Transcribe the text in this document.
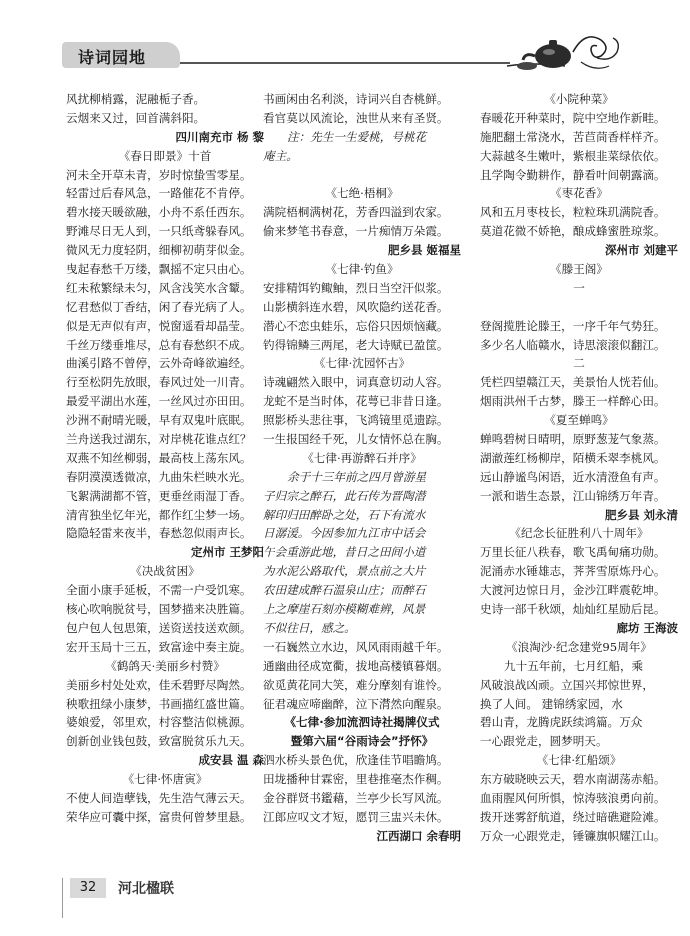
诗词园地
风扰柳梢露，泥融栀子香。
云烟来又过，回首满斜阳。
四川南充市 杨 黎
《春日即景》十首
河未全开草未青，岁时惊蛰雪零星。
轻雷过后春风急，一路催花不肯停。
碧水接天暖欲融，小舟不系任西东。
野滩尽日无人到，一只纸鸢躲春风。
微风无力度轻阴，细柳初萌芽似金。
曳起春愁千万缕，飘摇不定只由心。
红未秾繁绿未匀，风含浅笑水含颦。
忆君愁似丁香结，闲了春光病了人。
似是无声似有声，悦窗遥看却晶莹。
千丝万缕垂堆尽，总有春愁织不成。
曲溪引路不曾停，云外奇峰欲遍经。
行至松阴先放眼，春风过处一川青。
最爱平湖出水莲，一丝风过亦田田。
沙洲不耐晴光暖，早有双鬼叶底眠。
兰舟送我过湖东，对岸桃花谁点红？
双燕不知丝柳弱，最高枝上荡东风。
春阴漠漠透微凉，九曲朱栏映水光。
飞絮满湖都不管，更垂丝雨湿丁香。
清宵独坐忆年光，都作红尘梦一场。
隐隐轻雷来夜半，春愁忽似雨声长。
定州市 王梦阳
《决战贫困》
全面小康手延板，不需一户受饥寒。
核心吹响脱贫号，国梦描来决胜篇。
包户包人包思策，送资送技送欢颜。
宏开玉局十三五，致富途中奏主旋。
《鹤鸽天·美丽乡村赞》
美丽乡村处处欢，佳禾碧野尽陶然。
秧歌扭绿小康梦，书画描红盛世篇。
婆娘爱，邻里欢，村容整洁似桃源。
创新创业钱包鼓，致富脱贫乐九天。
成安县 温 森
《七律·怀唐寅》
不使人间造孽钱，先生浩气薄云天。
荣华应可囊中探，富贵何曾梦里悬。
书画闲由名利淡，诗词兴自杏桃鲜。
看官莫以风流论，浊世从来有圣贤。
注：先生一生爱桃，号桃花
庵主。
《七绝·梧桐》
满院梧桐满树花，芳香四溢到农家。
偷来梦笔书春意，一片痴情万朵霞。
肥乡县 姬福星
《七律·钓鱼》
安排精饵钓鲰鲉，烈日当空汗似浆。
山影横斜连水碧，风吹隐约送花香。
潜心不恋虫蛙乐，忘俗只因烦恼藏。
钓得锦鳞三两尾，老大诗赋已盈筐。
《七律·沈园怀古》
诗魂翩然入眼中，词真意切动人容。
龙蛇不是当时体，花萼已非昔日逢。
照影桥头悲往事，飞鸿镜里觅遗踪。
一生报国经千死，儿女情怀总在胸。
《七律·再游醉石并序》
余于十三年前之四月曾游星
子归宗之醉石，此石传为晋陶潜
解印归田醉卧之处，石下有流水
日潺湲。今因参加九江市中话会
午会重游此地，昔日之田间小道
为水泥公路取代，景点前之大片
农田建成醉石温泉山庄；而醉石
上之摩崖石刻亦模糊难辨，风景
不似往日，感之。
一石巍然立水边，风风雨雨越千年。
通幽曲径成宽衢，拔地高楼镇暮烟。
欲觅黄花同大笑，难分摩刻有谁怜。
征君魂应啼幽醉，泣下潸然向醒泉。
《七律·参加流泗诗社揭牌仪式
暨第六届“谷雨诗会”抒怀》
泗水桥头景色优，欣逢佳节唱瞻鸠。
田垅播种甘霖密，里巷推毫杰作稠。
金谷群贤书鑑藉，兰亭少长写风流。
江郎应叹文才短，愿罚三盅兴未休。
江西湖口 余春明
《小院种菜》
春暖花开种菜时，院中空地作新畦。
施肥翻土常浇水，苦苣茼香样样齐。
大蒜越冬生嫩叶，紫根韭菜绿依依。
且学陶令勤耕作，静看叶间朝露滴。
《枣花香》
风和五月枣枝长，粒粒珠玑满院香。
莫道花微不娇艳，酿成蜂蜜胜琼浆。
深州市 刘建平
《滕王阁》
一
登阁揽胜论滕王，一序千年气势狂。
多少名人临赣水，诗思滚滚似翻江。
二
凭栏四望赣江天，美景怡人恍若仙。
烟雨洪州千古梦，滕王一样醉心田。
《夏至蝉鸣》
蝉鸣碧树日晴明，原野葱茏气象蒸。
湖澈莲红杨柳岸，陌横禾翠李桃风。
远山静谧鸟闲语，近水清澄鱼有声。
一派和谐生态景，江山锦绣万年青。
肥乡县 刘永清
《纪念长征胜利八十周年》
万里长征八秩春，歌飞禹甸痛功勋。
泥涌赤水锤雄志，荠荠雪原炼丹心。
大渡河边惊日月，金沙江畔震乾坤。
史诗一部千秋颂，灿灿红星励后昆。
廊坊 王海波
《浪淘沙·纪念建党95周年》
九十五年前，七月红船，乘
风破浪战凶顽。立国兴邦惊世界，
换了人间。 建锦绣家园，水
碧山青，龙腾虎跃续鸿篇。万众
一心跟党走，圆梦明天。
《七律·红船颂》
东方破晓映云天，碧水南湖荡赤船。
血雨腥风何所惧，惊涛骇浪勇向前。
拨开迷雾舒航道，绕过暗礁避险滩。
万众一心跟党走，锤镰旗帜耀江山。
32	河北楹联
